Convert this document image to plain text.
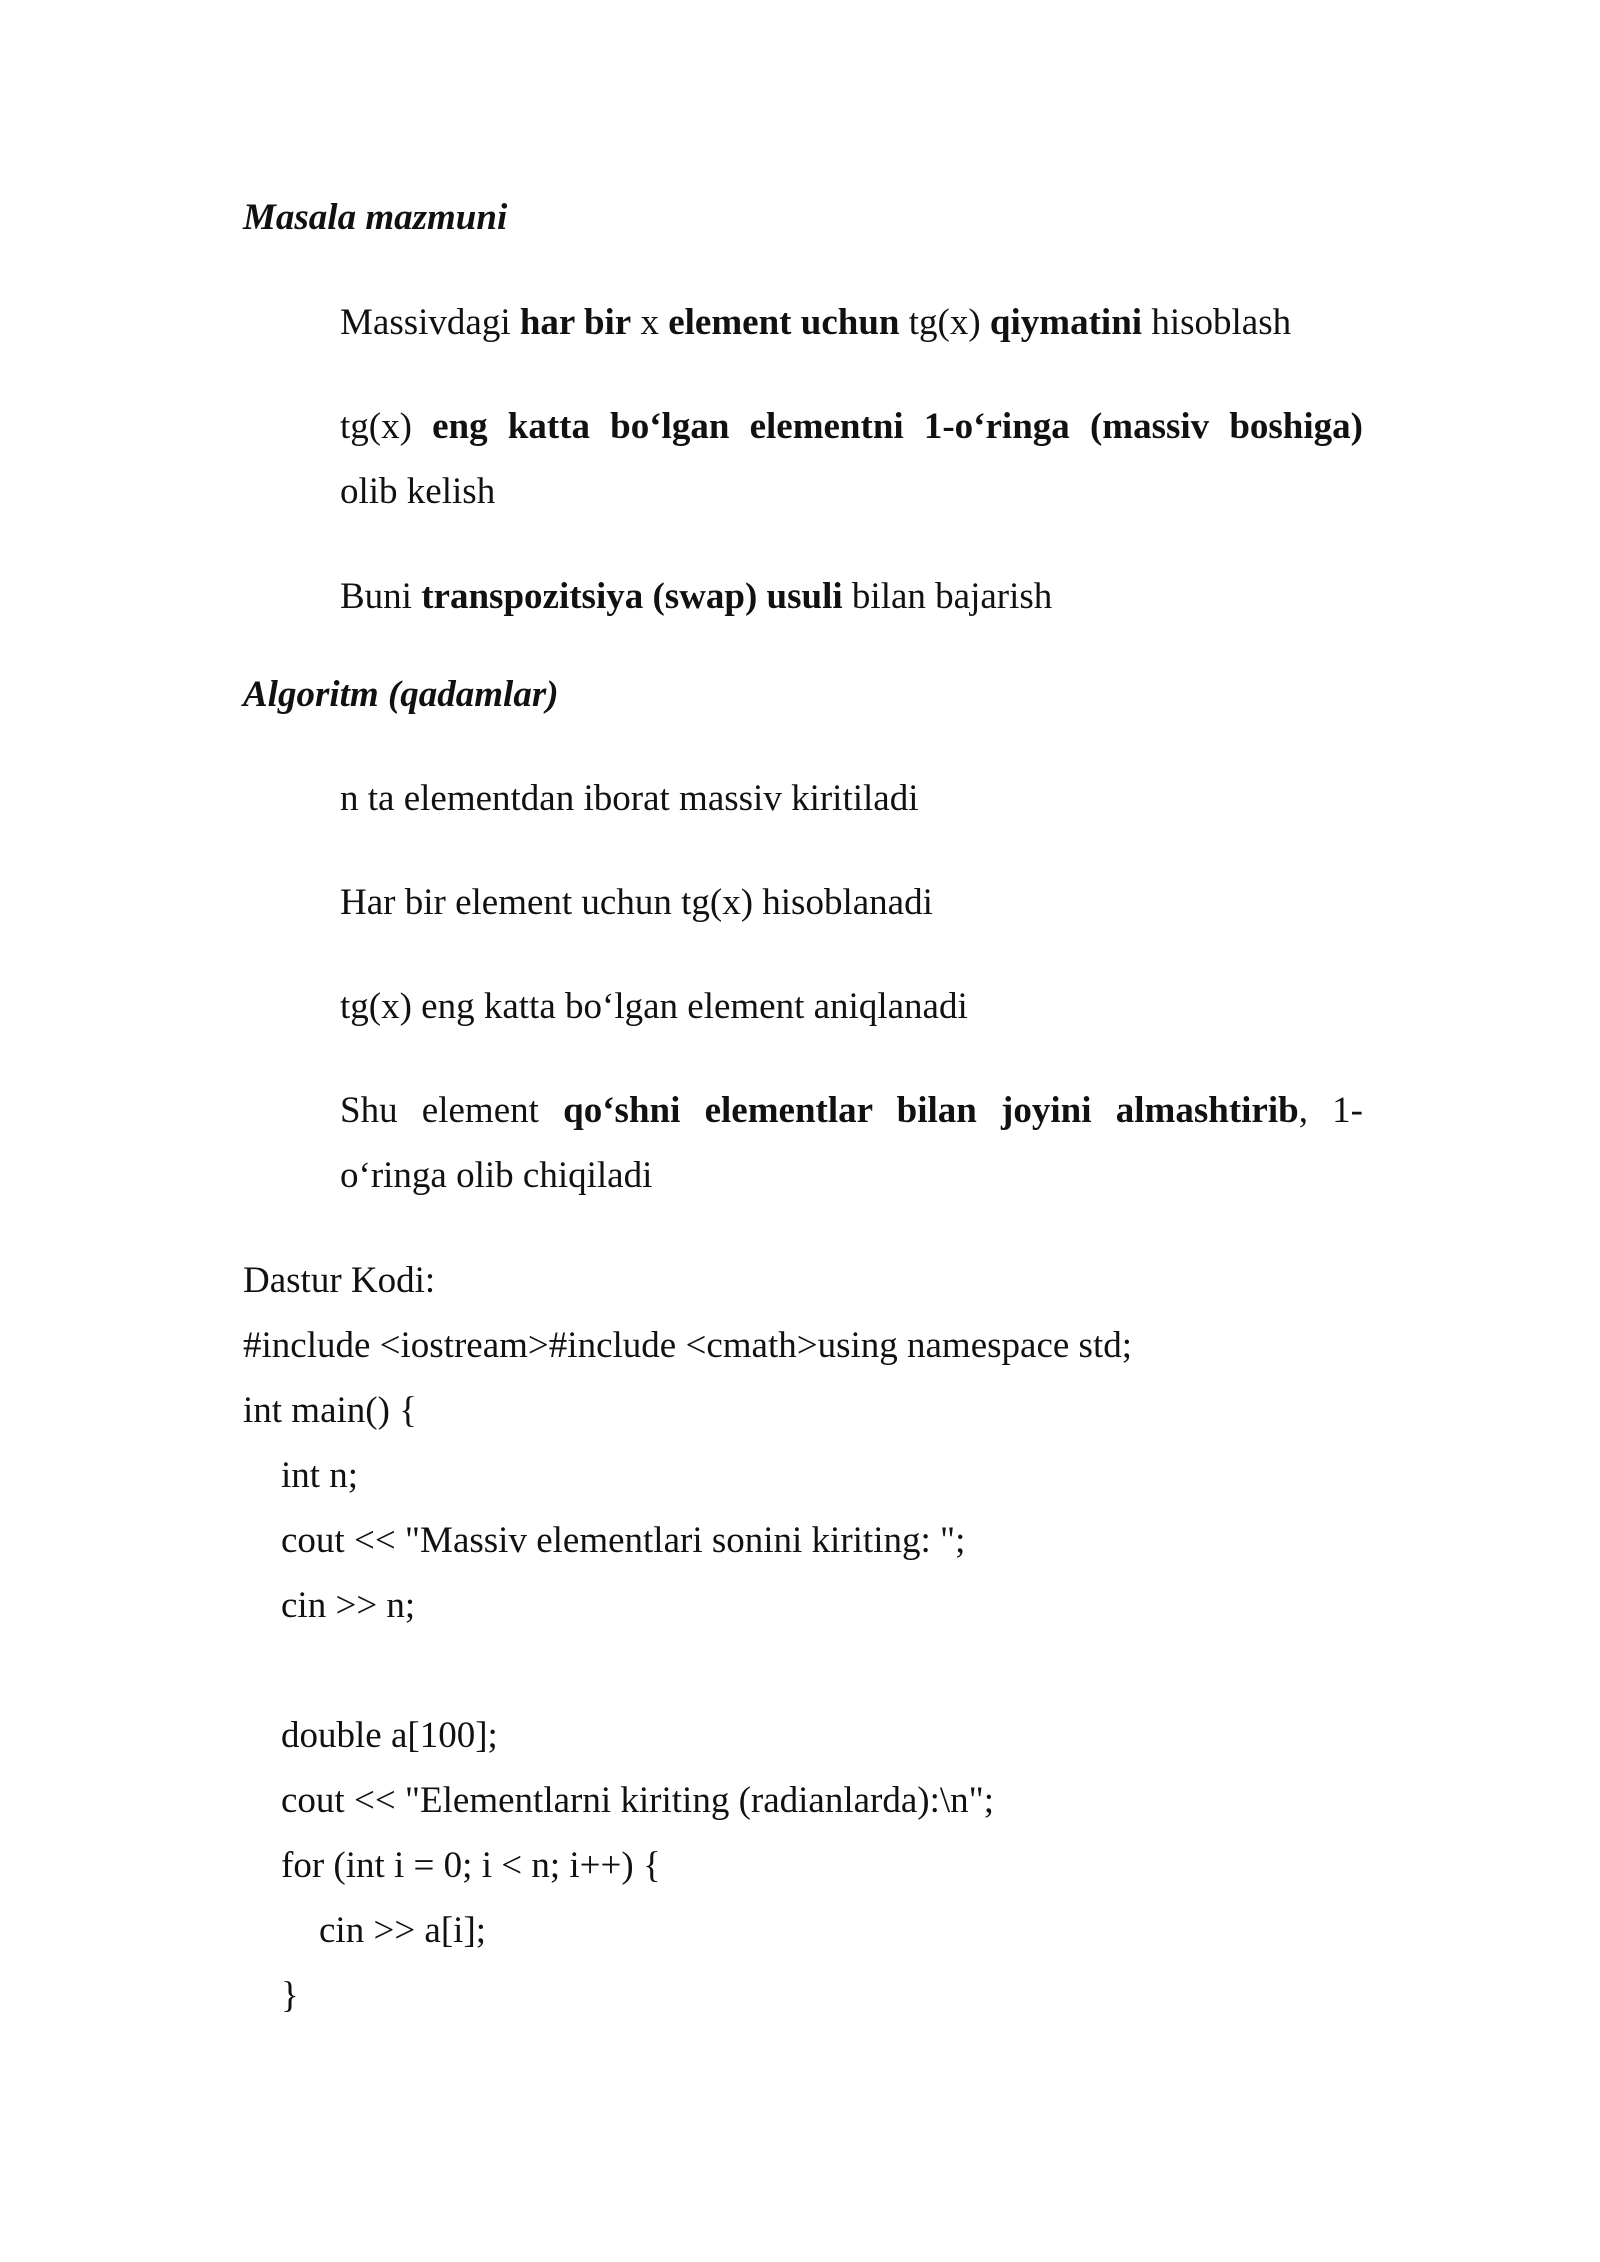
Masala mazmuni
Massivdagi har bir x element uchun tg(x) qiymatini hisoblash
tg(x) eng katta bo‘lgan elementni 1-o‘ringa (massiv boshiga)
olib kelish
Buni transpozitsiya (swap) usuli bilan bajarish
Algoritm (qadamlar)
n ta elementdan iborat massiv kiritiladi
Har bir element uchun tg(x) hisoblanadi
tg(x) eng katta bo‘lgan element aniqlanadi
Shu element qo‘shni elementlar bilan joyini almashtirib, 1-
o‘ringa olib chiqiladi
Dastur Kodi:
#include <iostream>#include <cmath>using namespace std;
int main() {
int n;
cout << "Massiv elementlari sonini kiriting: ";
cin >> n;
double a[100];
cout << "Elementlarni kiriting (radianlarda):\n";
for (int i = 0; i < n; i++) {
cin >> a[i];
}
